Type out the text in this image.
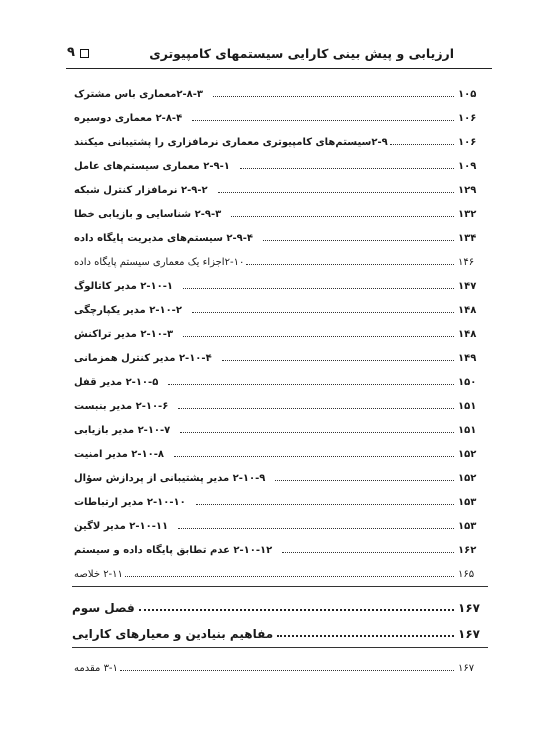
ارزیابی و پیش بینی کارایی سیستمهای کامپیوتری
۹
۲-۸-۳معماری باس مشترک	۱۰۵
۲-۸-۴ معماری دوسیره	۱۰۶
۲-۹سیستم‌های کامپیوتری معماری نرمافزاری را پشتیبانی میکنند	۱۰۶
۲-۹-۱ معماری سیستم‌های عامل	۱۰۹
۲-۹-۲ نرمافزار کنترل شبکه	۱۲۹
۲-۹-۳ شناسایی و بازیابی خطا	۱۳۲
۲-۹-۴ سیستم‌های مدیریت پایگاه داده	۱۳۴
۲-۱۰اجزاء یک معماری سیستم پایگاه داده	۱۴۶
۲-۱۰-۱ مدیر کاتالوگ	۱۴۷
۲-۱۰-۲ مدیر یکپارچگی	۱۴۸
۲-۱۰-۳ مدیر تراکنش	۱۴۸
۲-۱۰-۴ مدیر کنترل همزمانی	۱۴۹
۲-۱۰-۵ مدیر قفل	۱۵۰
۲-۱۰-۶ مدیر بنبست	۱۵۱
۲-۱۰-۷ مدیر بازیابی	۱۵۱
۲-۱۰-۸ مدیر امنیت	۱۵۲
۲-۱۰-۹ مدیر پشتیبانی از پردازش سؤال	۱۵۲
۲-۱۰-۱۰ مدیر ارتباطات	۱۵۳
۲-۱۰-۱۱ مدیر لاگین	۱۵۳
۲-۱۰-۱۲ عدم تطابق پایگاه داده و سیستم	۱۶۲
۲-۱۱ خلاصه	۱۶۵
فصل سوم	۱۶۷
مفاهیم بنیادین و معیارهای کارایی	۱۶۷
۳-۱ مقدمه	۱۶۷
